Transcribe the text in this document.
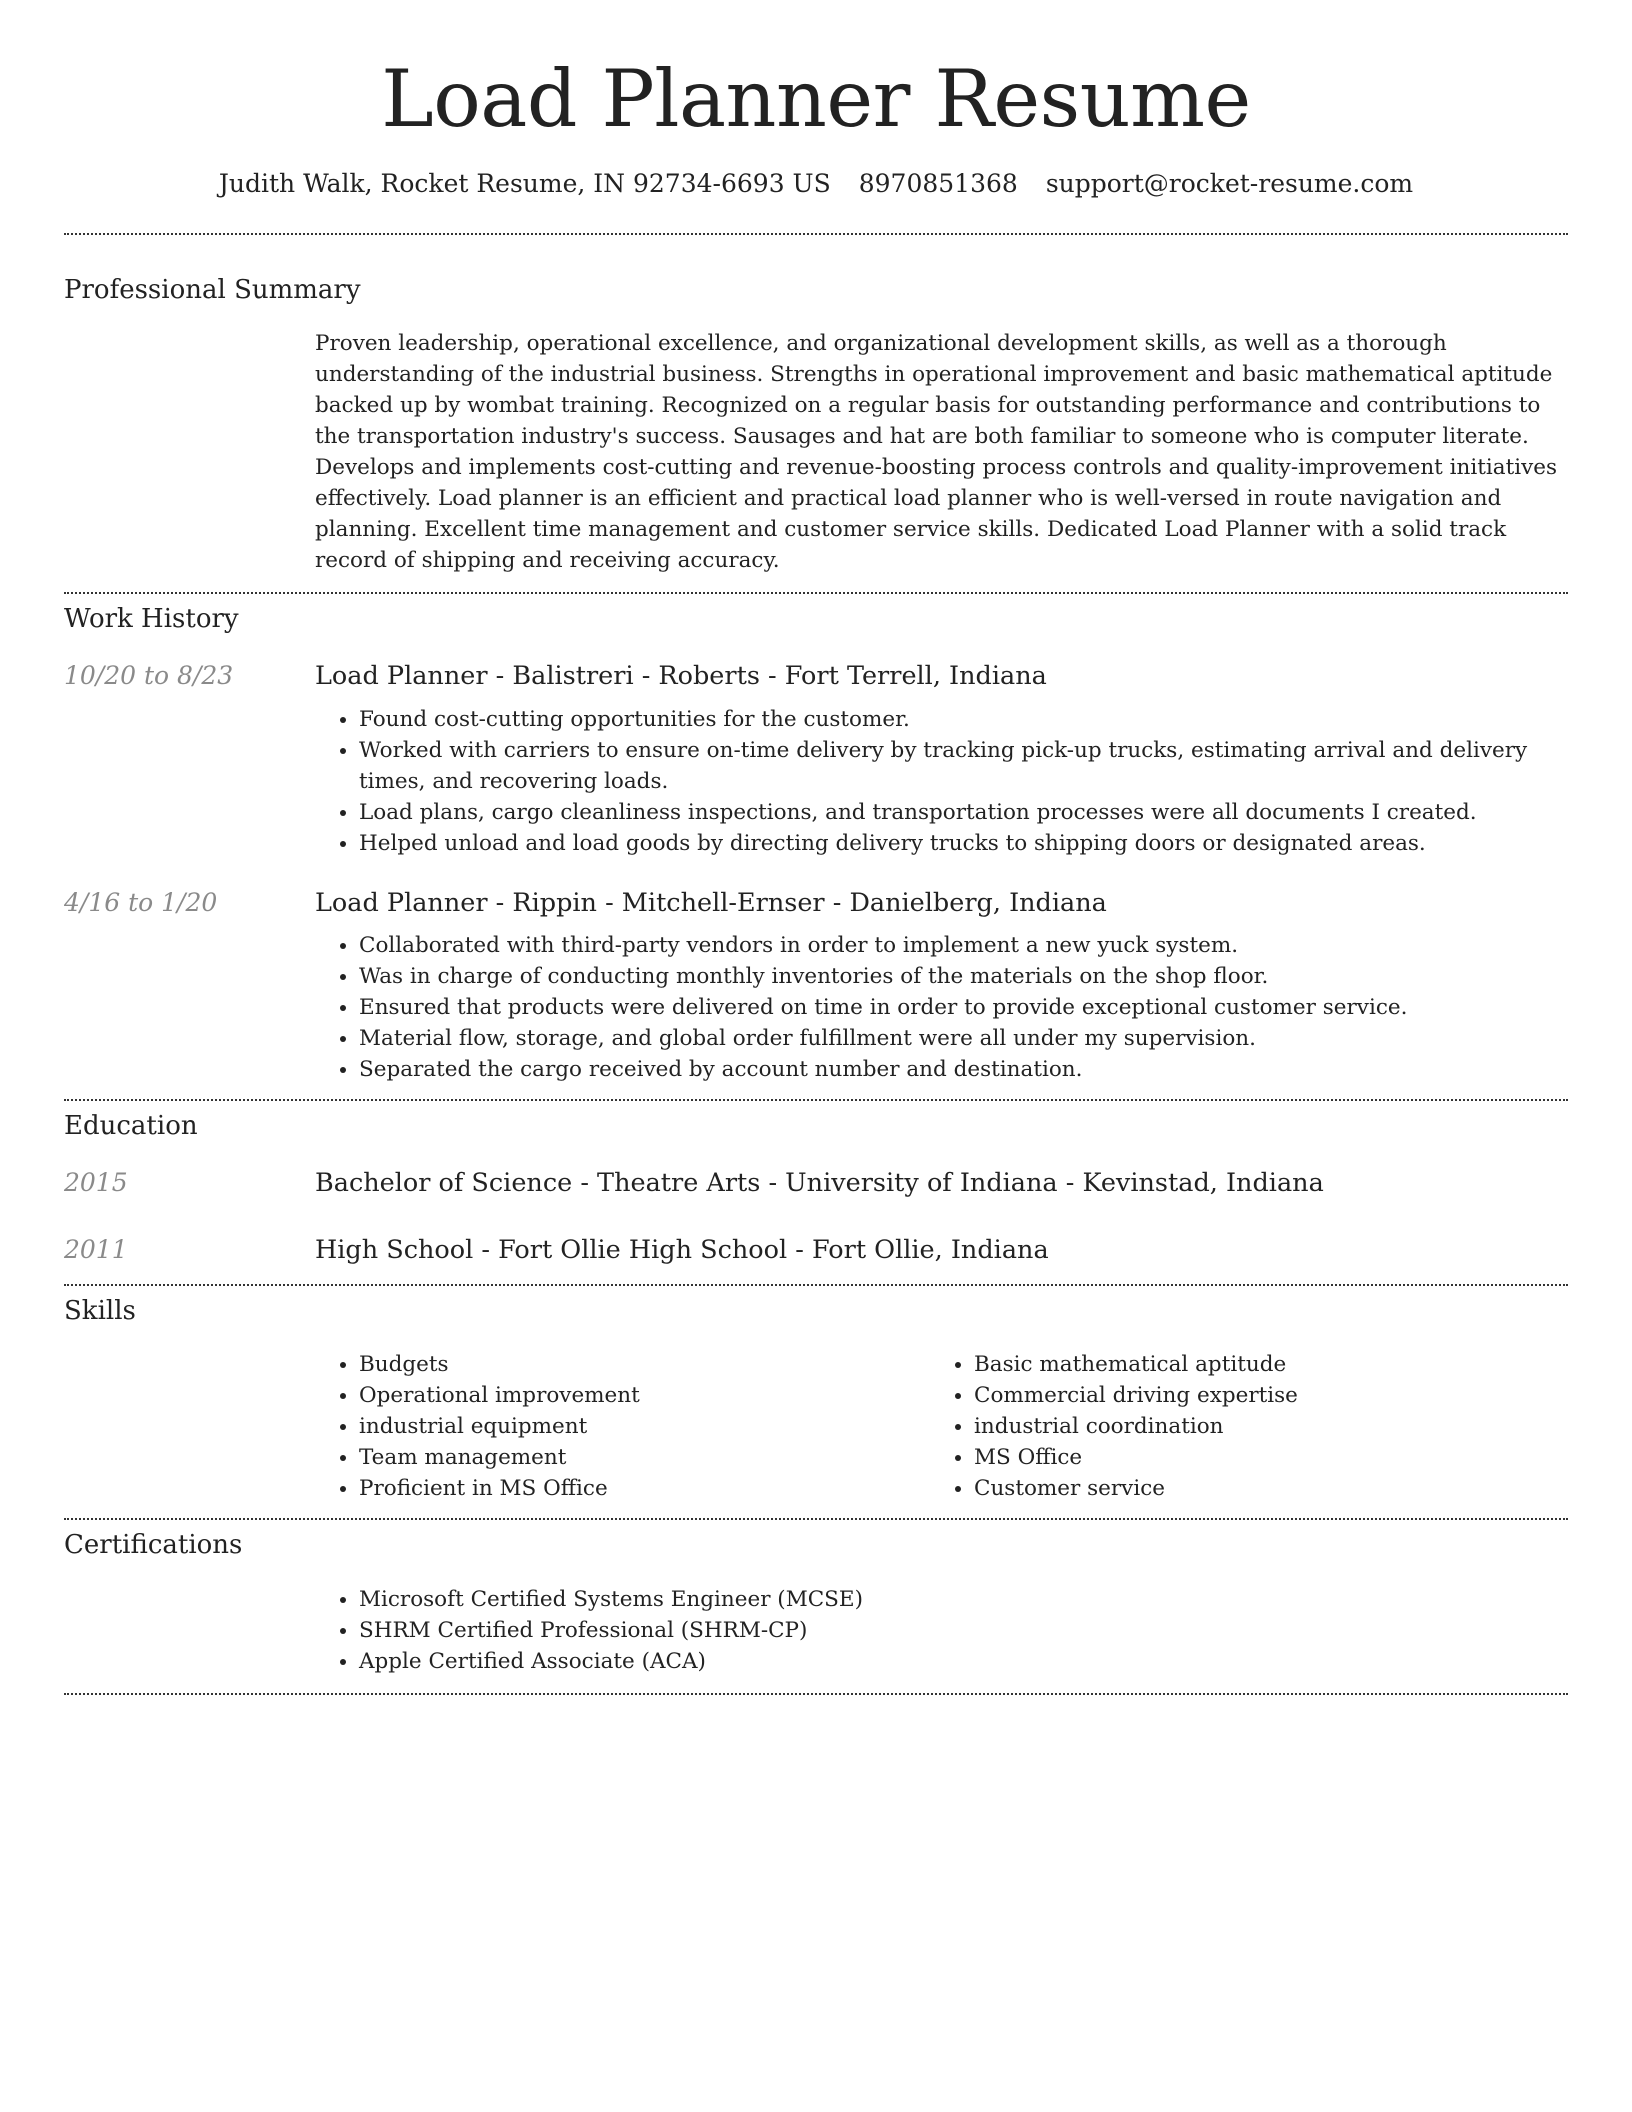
Load Planner Resume
Judith Walk, Rocket Resume, IN 92734-6693 US 8970851368 support@rocket-resume.com
Professional Summary

Proven leadership, operational excellence, and organizational development skills, as well as a thorough understanding of the industrial business. Strengths in operational improvement and basic mathematical aptitude backed up by wombat training. Recognized on a regular basis for outstanding performance and contributions to the transportation industry's success. Sausages and hat are both familiar to someone who is computer literate. Develops and implements cost-cutting and revenue-boosting process controls and quality-improvement initiatives effectively. Load planner is an efficient and practical load planner who is well-versed in route navigation and planning. Excellent time management and customer service skills. Dedicated Load Planner with a solid track record of shipping and receiving accuracy.

Work History
10/20 to 8/23	Load Planner - Balistreri - Roberts - Fort Terrell, Indiana
• Found cost-cutting opportunities for the customer.
• Worked with carriers to ensure on-time delivery by tracking pick-up trucks, estimating arrival and delivery times, and recovering loads.
• Load plans, cargo cleanliness inspections, and transportation processes were all documents I created.
• Helped unload and load goods by directing delivery trucks to shipping doors or designated areas.
4/16 to 1/20	Load Planner - Rippin - Mitchell-Ernser - Danielberg, Indiana
• Collaborated with third-party vendors in order to implement a new yuck system.
• Was in charge of conducting monthly inventories of the materials on the shop floor.
• Ensured that products were delivered on time in order to provide exceptional customer service.
• Material flow, storage, and global order fulfillment were all under my supervision.
• Separated the cargo received by account number and destination.
Education
2015	Bachelor of Science - Theatre Arts - University of Indiana - Kevinstad, Indiana
2011	High School - Fort Ollie High School - Fort Ollie, Indiana
Skills
• Budgets
• Operational improvement
• industrial equipment
• Team management
• Proficient in MS Office
• Basic mathematical aptitude
• Commercial driving expertise
• industrial coordination
• MS Office
• Customer service
Certifications
• Microsoft Certified Systems Engineer (MCSE)
• SHRM Certified Professional (SHRM-CP)
• Apple Certified Associate (ACA)
